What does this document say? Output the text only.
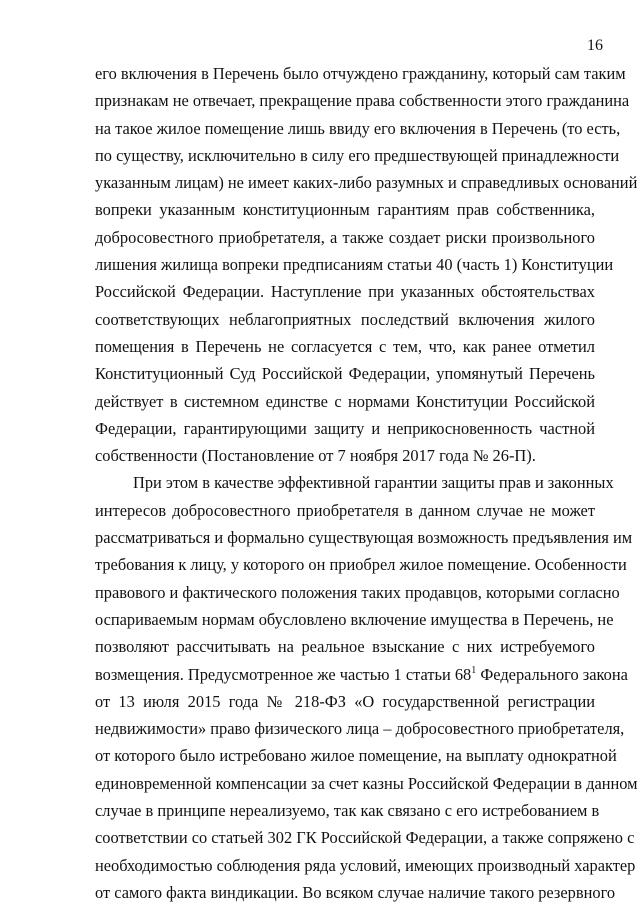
16
его включения в Перечень было отчуждено гражданину, который сам таким
признакам не отвечает, прекращение права собственности этого гражданина
на такое жилое помещение лишь ввиду его включения в Перечень (то есть,
по существу, исключительно в силу его предшествующей принадлежности
указанным лицам) не имеет каких-либо разумных и справедливых оснований
вопреки указанным конституционным гарантиям прав собственника,
добросовестного приобретателя, а также создает риски произвольного
лишения жилища вопреки предписаниям статьи 40 (часть 1) Конституции
Российской Федерации. Наступление при указанных обстоятельствах
соответствующих неблагоприятных последствий включения жилого
помещения в Перечень не согласуется с тем, что, как ранее отметил
Конституционный Суд Российской Федерации, упомянутый Перечень
действует в системном единстве с нормами Конституции Российской
Федерации, гарантирующими защиту и неприкосновенность частной
собственности (Постановление от 7 ноября 2017 года № 26-П).
При этом в качестве эффективной гарантии защиты прав и законных
интересов добросовестного приобретателя в данном случае не может
рассматриваться и формально существующая возможность предъявления им
требования к лицу, у которого он приобрел жилое помещение. Особенности
правового и фактического положения таких продавцов, которыми согласно
оспариваемым нормам обусловлено включение имущества в Перечень, не
позволяют рассчитывать на реальное взыскание с них истребуемого
возмещения. Предусмотренное же частью 1 статьи $68^1$ Федерального закона
от 13 июля 2015 года № 218-ФЗ «О государственной регистрации
недвижимости» право физического лица – добросовестного приобретателя,
от которого было истребовано жилое помещение, на выплату однократной
единовременной компенсации за счет казны Российской Федерации в данном
случае в принципе нереализуемо, так как связано с его истребованием в
соответствии со статьей 302 ГК Российской Федерации, а также сопряжено с
необходимостью соблюдения ряда условий, имеющих производный характер
от самого факта виндикации. Во всяком случае наличие такого резервного
